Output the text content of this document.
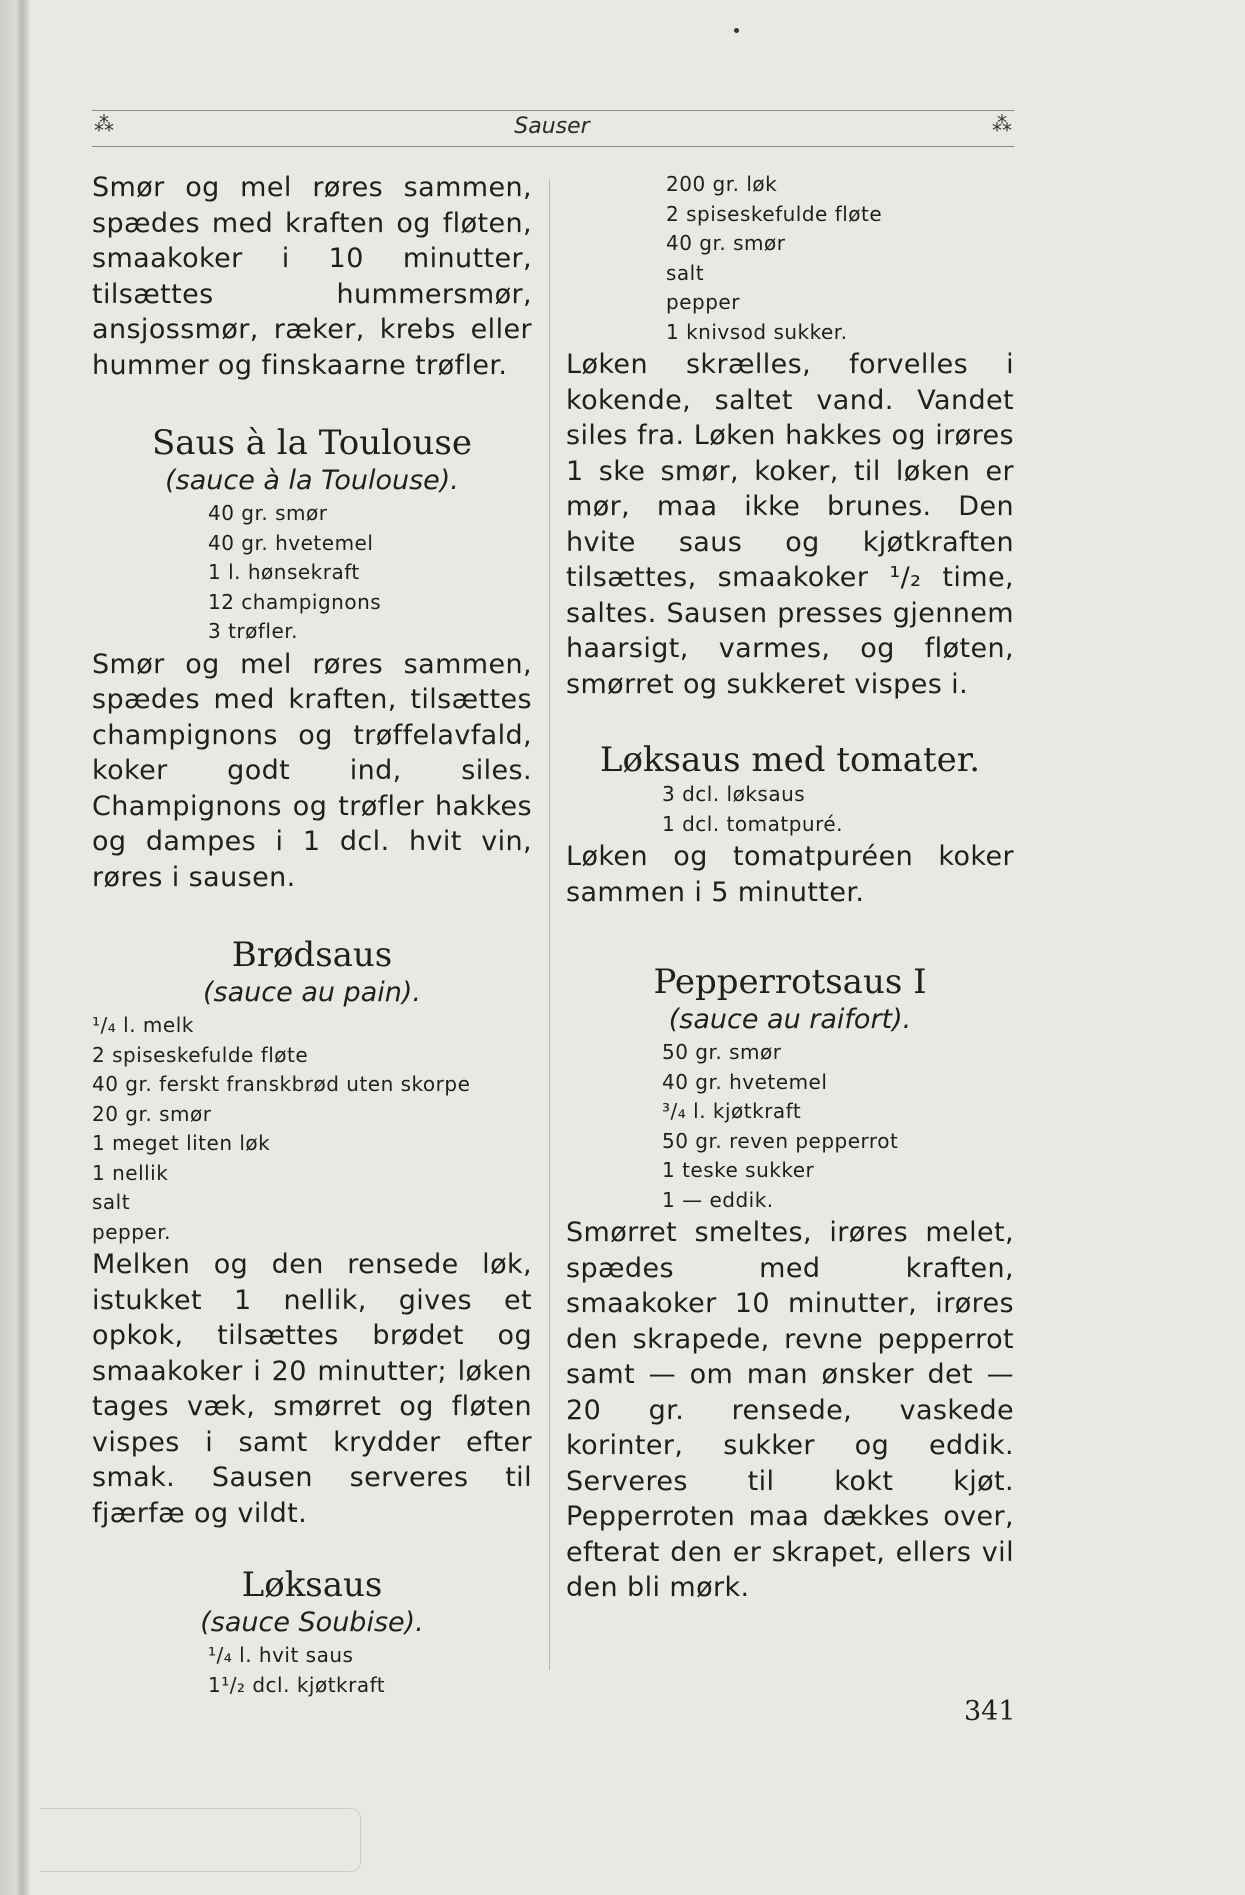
⁂	⁂
Sauser

Smør og mel røres sammen, spædes med kraften og fløten, smaakoker i 10 minutter, tilsættes hummersmør, ansjossmør, ræker, krebs eller hummer og finskaarne trøfler.

Saus à la Toulouse
(sauce à la Toulouse).
40 gr. smør
40 gr. hvetemel
1 l. hønsekraft
12 champignons
3 trøfler.

Smør og mel røres sammen, spædes med kraften, tilsættes champignons og trøffelavfald, koker godt ind, siles. Champignons og trøfler hakkes og dampes i 1 dcl. hvit vin, røres i sausen.

Brødsaus
(sauce au pain).
¹/₄ l. melk
2 spiseskefulde fløte
40 gr. ferskt franskbrød uten skorpe
20 gr. smør
1 meget liten løk
1 nellik
salt
pepper.

Melken og den rensede løk, istukket 1 nellik, gives et opkok, tilsættes brødet og smaakoker i 20 minutter; løken tages væk, smørret og fløten vispes i samt krydder efter smak. Sausen serveres til fjærfæ og vildt.

Løksaus
(sauce Soubise).
¹/₄ l. hvit saus
1¹/₂ dcl. kjøtkraft
200 gr. løk
2 spiseskefulde fløte
40 gr. smør
salt
pepper
1 knivsod sukker.

Løken skrælles, forvelles i kokende, saltet vand. Vandet siles fra. Løken hakkes og irøres 1 ske smør, koker, til løken er mør, maa ikke brunes. Den hvite saus og kjøtkraften tilsættes, smaakoker ¹/₂ time, saltes. Sausen presses gjennem haarsigt, varmes, og fløten, smørret og sukkeret vispes i.

Løksaus med tomater.
3 dcl. løksaus
1 dcl. tomatpuré.

Løken og tomatpuréen koker sammen i 5 minutter.

Pepperrotsaus I
(sauce au raifort).
50 gr. smør
40 gr. hvetemel
³/₄ l. kjøtkraft
50 gr. reven pepperrot
1 teske sukker
1 — eddik.

Smørret smeltes, irøres melet, spædes med kraften, smaakoker 10 minutter, irøres den skrapede, revne pepperrot samt — om man ønsker det — 20 gr. rensede, vaskede korinter, sukker og eddik. Serveres til kokt kjøt. Pepperroten maa dækkes over, efterat den er skrapet, ellers vil den bli mørk.

341
